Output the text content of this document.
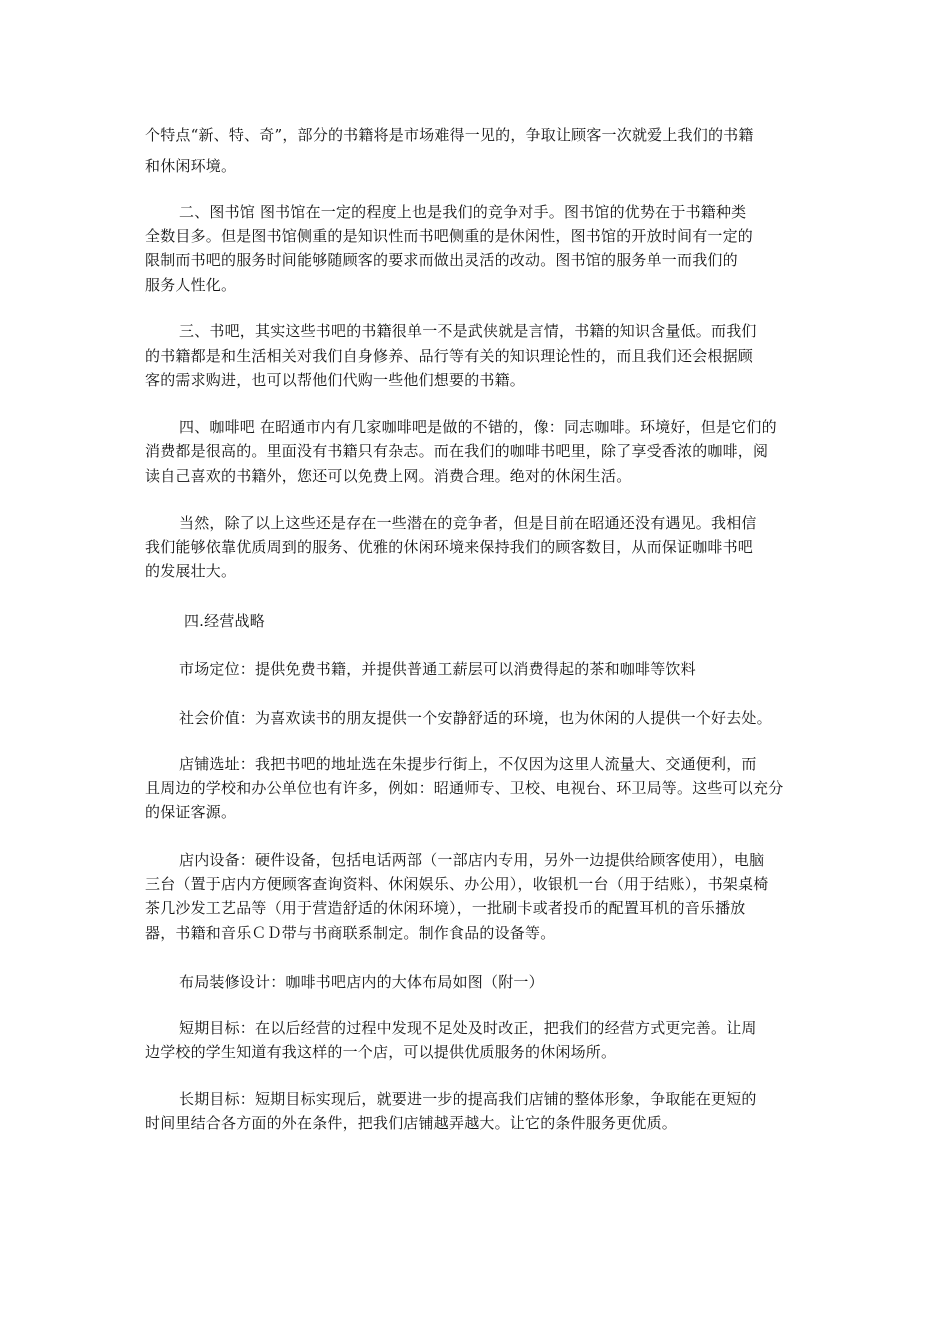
个特点“新、特、奇”，部分的书籍将是市场难得一见的，争取让顾客一次就爱上我们的书籍
和休闲环境。
二、图书馆 图书馆在一定的程度上也是我们的竞争对手。图书馆的优势在于书籍种类
全数目多。但是图书馆侧重的是知识性而书吧侧重的是休闲性，图书馆的开放时间有一定的
限制而书吧的服务时间能够随顾客的要求而做出灵活的改动。图书馆的服务单一而我们的
服务人性化。
三、书吧，其实这些书吧的书籍很单一不是武侠就是言情，书籍的知识含量低。而我们
的书籍都是和生活相关对我们自身修养、品行等有关的知识理论性的，而且我们还会根据顾
客的需求购进，也可以帮他们代购一些他们想要的书籍。
四、咖啡吧 在昭通市内有几家咖啡吧是做的不错的，像：同志咖啡。环境好，但是它们的
消费都是很高的。里面没有书籍只有杂志。而在我们的咖啡书吧里，除了享受香浓的咖啡，阅
读自己喜欢的书籍外，您还可以免费上网。消费合理。绝对的休闲生活。
当然，除了以上这些还是存在一些潜在的竞争者，但是目前在昭通还没有遇见。我相信
我们能够依靠优质周到的服务、优雅的休闲环境来保持我们的顾客数目，从而保证咖啡书吧
的发展壮大。
四.经营战略
市场定位：提供免费书籍，并提供普通工薪层可以消费得起的茶和咖啡等饮料
社会价值：为喜欢读书的朋友提供一个安静舒适的环境，也为休闲的人提供一个好去处。
店铺选址：我把书吧的地址选在朱提步行街上，不仅因为这里人流量大、交通便利，而
且周边的学校和办公单位也有许多，例如：昭通师专、卫校、电视台、环卫局等。这些可以充分
的保证客源。
店内设备：硬件设备，包括电话两部（一部店内专用，另外一边提供给顾客使用），电脑
三台（置于店内方便顾客查询资料、休闲娱乐、办公用），收银机一台（用于结账），书架桌椅
茶几沙发工艺品等（用于营造舒适的休闲环境），一批刷卡或者投币的配置耳机的音乐播放
器，书籍和音乐ＣＤ带与书商联系制定。制作食品的设备等。
布局装修设计：咖啡书吧店内的大体布局如图（附一）
短期目标：在以后经营的过程中发现不足处及时改正，把我们的经营方式更完善。让周
边学校的学生知道有我这样的一个店，可以提供优质服务的休闲场所。
长期目标：短期目标实现后，就要进一步的提高我们店铺的整体形象，争取能在更短的
时间里结合各方面的外在条件，把我们店铺越弄越大。让它的条件服务更优质。
